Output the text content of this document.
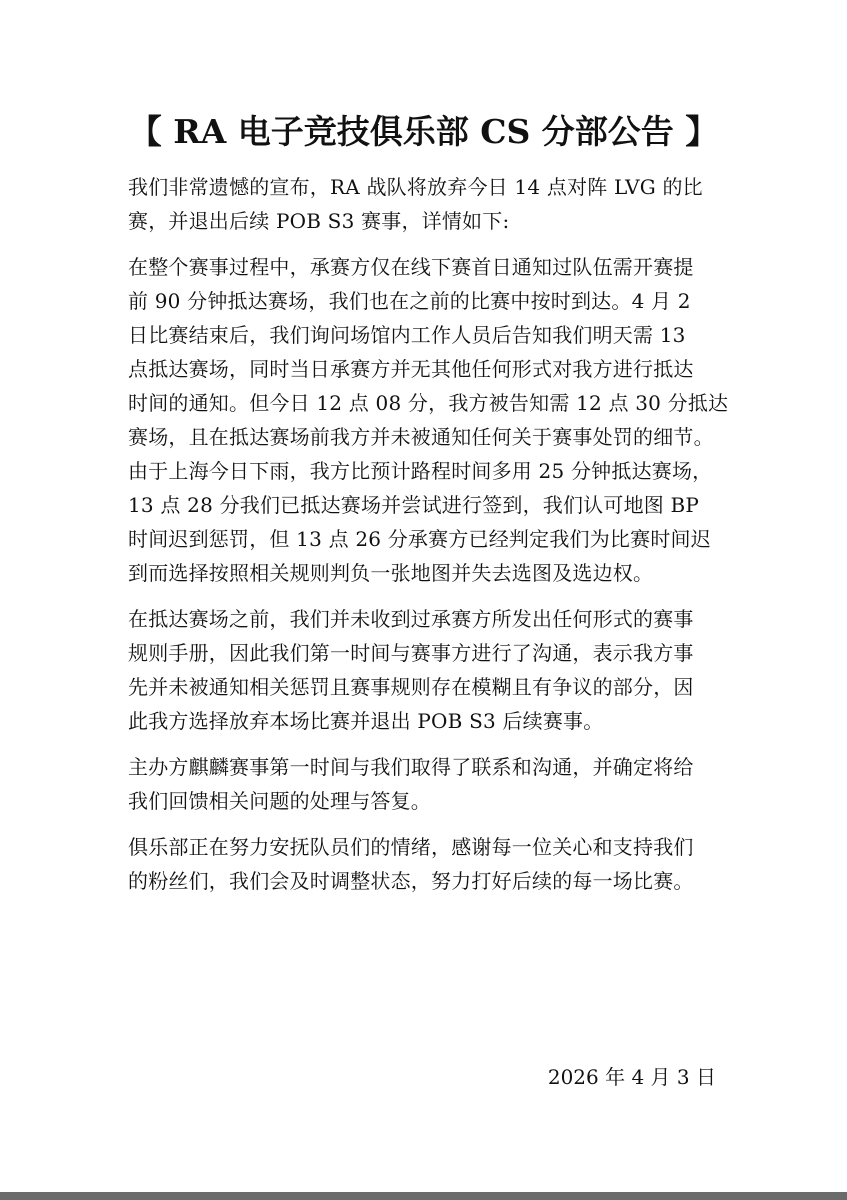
【 RA 电子竞技俱乐部 CS 分部公告 】
我们非常遗憾的宣布，RA 战队将放弃今日 14 点对阵 LVG 的比
赛，并退出后续 POB S3 赛事，详情如下:
在整个赛事过程中，承赛方仅在线下赛首日通知过队伍需开赛提
前 90 分钟抵达赛场，我们也在之前的比赛中按时到达。4 月 2
日比赛结束后，我们询问场馆内工作人员后告知我们明天需 13
点抵达赛场，同时当日承赛方并无其他任何形式对我方进行抵达
时间的通知。但今日 12 点 08 分，我方被告知需 12 点 30 分抵达
赛场，且在抵达赛场前我方并未被通知任何关于赛事处罚的细节。
由于上海今日下雨，我方比预计路程时间多用 25 分钟抵达赛场，
13 点 28 分我们已抵达赛场并尝试进行签到，我们认可地图 BP
时间迟到惩罚，但 13 点 26 分承赛方已经判定我们为比赛时间迟
到而选择按照相关规则判负一张地图并失去选图及选边权。
在抵达赛场之前，我们并未收到过承赛方所发出任何形式的赛事
规则手册，因此我们第一时间与赛事方进行了沟通，表示我方事
先并未被通知相关惩罚且赛事规则存在模糊且有争议的部分，因
此我方选择放弃本场比赛并退出 POB S3 后续赛事。
主办方麒麟赛事第一时间与我们取得了联系和沟通，并确定将给
我们回馈相关问题的处理与答复。
俱乐部正在努力安抚队员们的情绪，感谢每一位关心和支持我们
的粉丝们，我们会及时调整状态，努力打好后续的每一场比赛。
2026 年 4 月 3 日
